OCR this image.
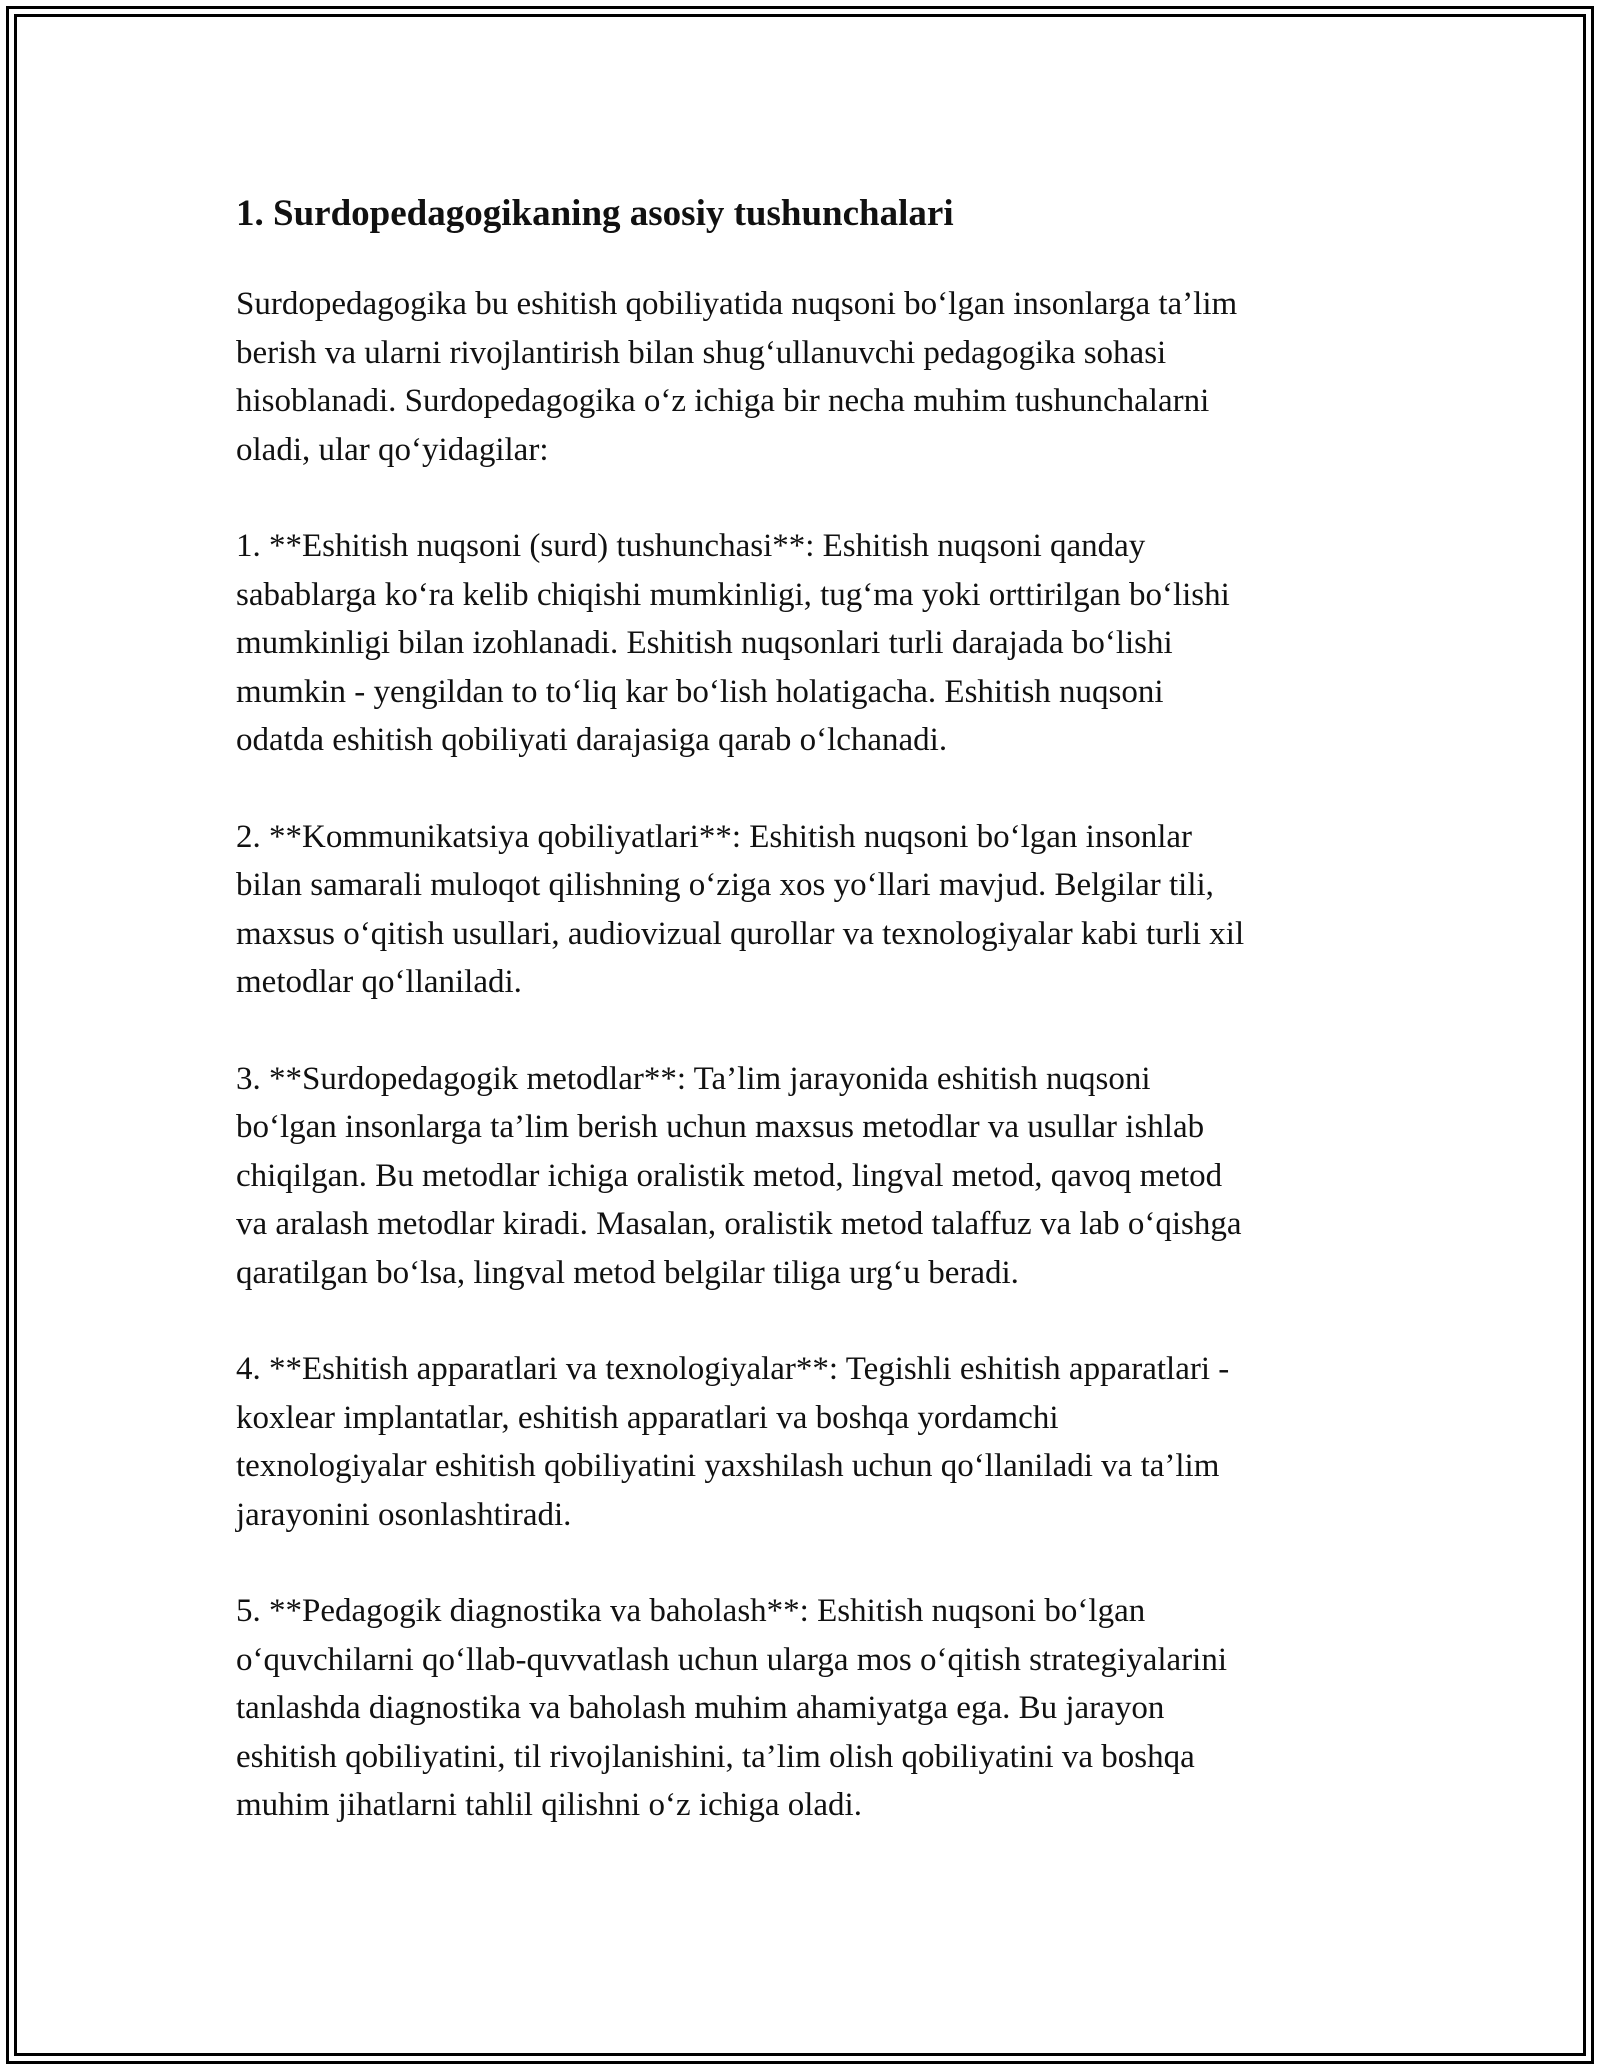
1. Surdopedagogikaning asosiy tushunchalari

Surdopedagogika bu eshitish qobiliyatida nuqsoni bo‘lgan insonlarga ta’lim
berish va ularni rivojlantirish bilan shug‘ullanuvchi pedagogika sohasi
hisoblanadi. Surdopedagogika o‘z ichiga bir necha muhim tushunchalarni
oladi, ular qo‘yidagilar:

1. **Eshitish nuqsoni (surd) tushunchasi**: Eshitish nuqsoni qanday
sabablarga ko‘ra kelib chiqishi mumkinligi, tug‘ma yoki orttirilgan bo‘lishi
mumkinligi bilan izohlanadi. Eshitish nuqsonlari turli darajada bo‘lishi
mumkin - yengildan to to‘liq kar bo‘lish holatigacha. Eshitish nuqsoni
odatda eshitish qobiliyati darajasiga qarab o‘lchanadi.

2. **Kommunikatsiya qobiliyatlari**: Eshitish nuqsoni bo‘lgan insonlar
bilan samarali muloqot qilishning o‘ziga xos yo‘llari mavjud. Belgilar tili,
maxsus o‘qitish usullari, audiovizual qurollar va texnologiyalar kabi turli xil
metodlar qo‘llaniladi.

3. **Surdopedagogik metodlar**: Ta’lim jarayonida eshitish nuqsoni
bo‘lgan insonlarga ta’lim berish uchun maxsus metodlar va usullar ishlab
chiqilgan. Bu metodlar ichiga oralistik metod, lingval metod, qavoq metod
va aralash metodlar kiradi. Masalan, oralistik metod talaffuz va lab o‘qishga
qaratilgan bo‘lsa, lingval metod belgilar tiliga urg‘u beradi.

4. **Eshitish apparatlari va texnologiyalar**: Tegishli eshitish apparatlari -
koxlear implantatlar, eshitish apparatlari va boshqa yordamchi
texnologiyalar eshitish qobiliyatini yaxshilash uchun qo‘llaniladi va ta’lim
jarayonini osonlashtiradi.

5. **Pedagogik diagnostika va baholash**: Eshitish nuqsoni bo‘lgan
o‘quvchilarni qo‘llab-quvvatlash uchun ularga mos o‘qitish strategiyalarini
tanlashda diagnostika va baholash muhim ahamiyatga ega. Bu jarayon
eshitish qobiliyatini, til rivojlanishini, ta’lim olish qobiliyatini va boshqa
muhim jihatlarni tahlil qilishni o‘z ichiga oladi.
